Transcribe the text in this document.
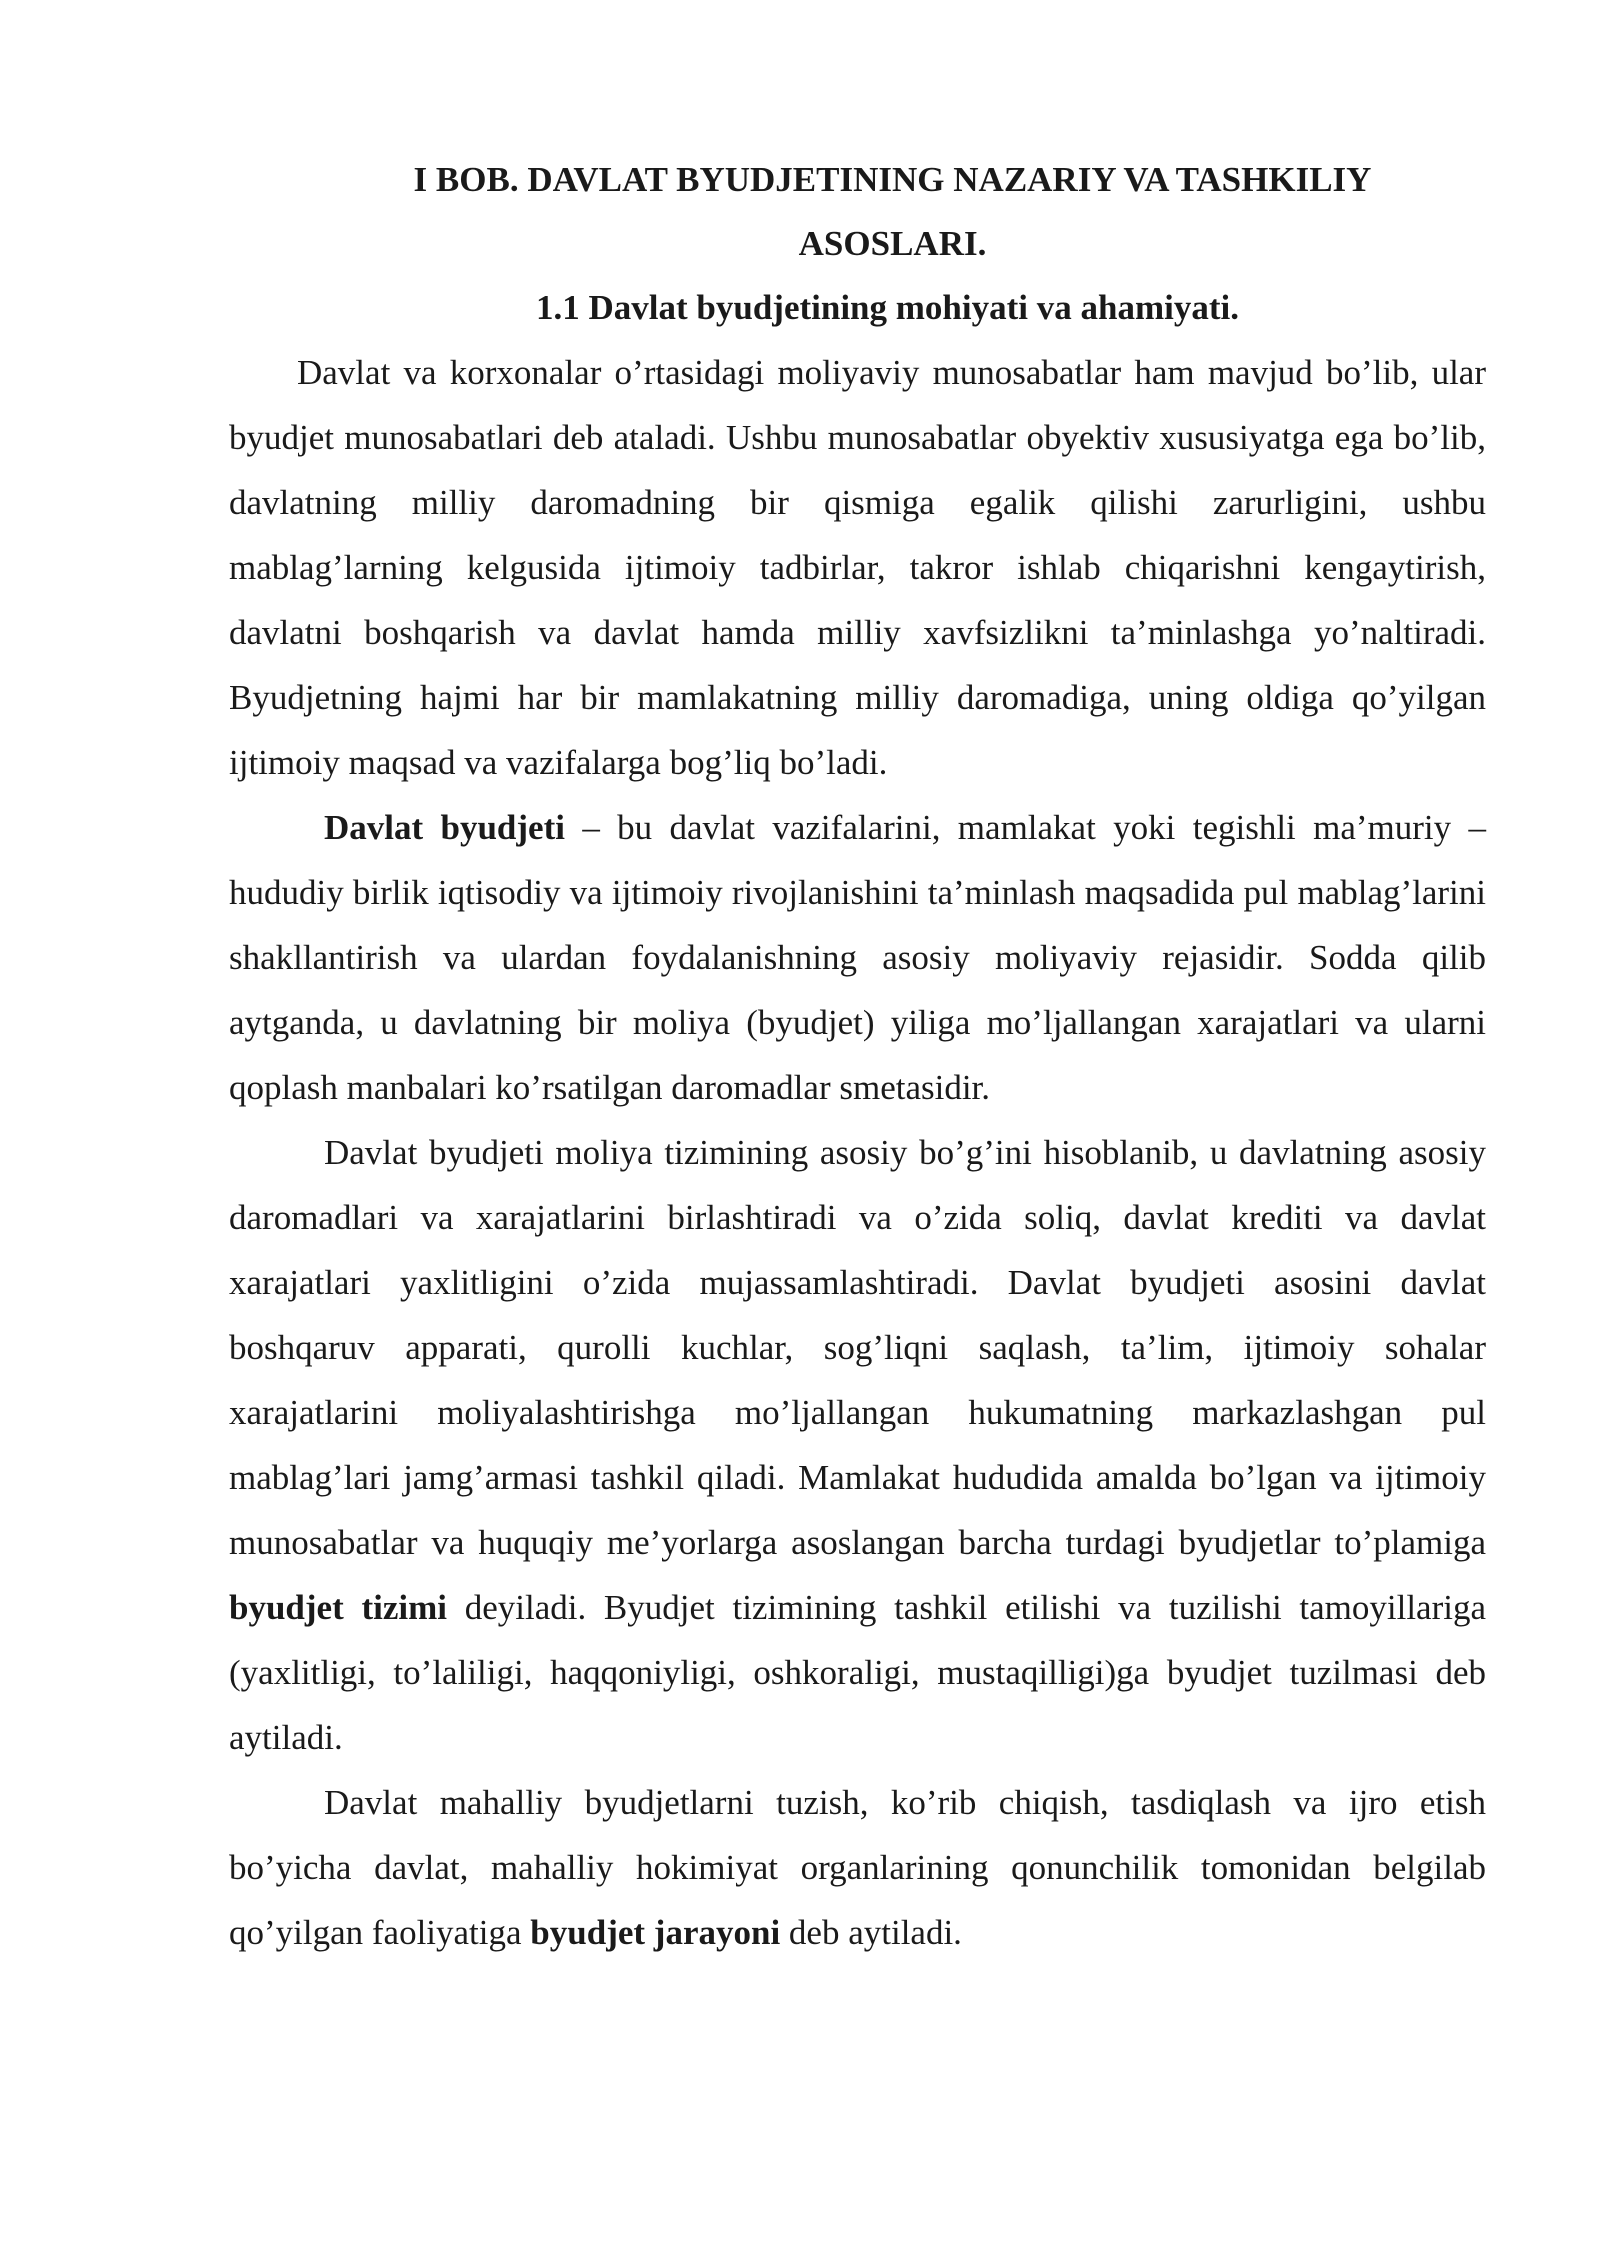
I BOB. DAVLAT BYUDJETINING NAZARIY VA TASHKILIY
ASOSLARI.

1.1 Davlat byudjetining mohiyati va ahamiyati.

Davlat va korxonalar o’rtasidagi moliyaviy munosabatlar ham mavjud bo’lib, ular byudjet munosabatlari deb ataladi. Ushbu munosabatlar obyektiv xususiyatga ega bo’lib, davlatning milliy daromadning bir qismiga egalik qilishi zarurligini, ushbu mablag’larning kelgusida ijtimoiy tadbirlar, takror ishlab chiqarishni kengaytirish, davlatni boshqarish va davlat hamda milliy xavfsizlikni ta’minlashga yo’naltiradi. Byudjetning hajmi har bir mamlakatning milliy daromadiga, uning oldiga qo’yilgan ijtimoiy maqsad va vazifalarga bog’liq bo’ladi.

Davlat byudjeti – bu davlat vazifalarini, mamlakat yoki tegishli ma’muriy – hududiy birlik iqtisodiy va ijtimoiy rivojlanishini ta’minlash maqsadida pul mablag’larini shakllantirish va ulardan foydalanishning asosiy moliyaviy rejasidir. Sodda qilib aytganda, u davlatning bir moliya (byudjet) yiliga mo’ljallangan xarajatlari va ularni qoplash manbalari ko’rsatilgan daromadlar smetasidir.

Davlat byudjeti moliya tizimining asosiy bo’g’ini hisoblanib, u davlatning asosiy daromadlari va xarajatlarini birlashtiradi va o’zida soliq, davlat krediti va davlat xarajatlari yaxlitligini o’zida mujassamlashtiradi. Davlat byudjeti asosini davlat boshqaruv apparati, qurolli kuchlar, sog’liqni saqlash, ta’lim, ijtimoiy sohalar xarajatlarini moliyalashtirishga mo’ljallangan hukumatning markazlashgan pul mablag’lari jamg’armasi tashkil qiladi. Mamlakat hududida amalda bo’lgan va ijtimoiy munosabatlar va huquqiy me’yorlarga asoslangan barcha turdagi byudjetlar to’plamiga byudjet tizimi deyiladi. Byudjet tizimining tashkil etilishi va tuzilishi tamoyillariga (yaxlitligi, to’laliligi, haqqoniyligi, oshkoraligi, mustaqilligi)ga byudjet tuzilmasi deb aytiladi.

Davlat mahalliy byudjetlarni tuzish, ko’rib chiqish, tasdiqlash va ijro etish bo’yicha davlat, mahalliy hokimiyat organlarining qonunchilik tomonidan belgilab qo’yilgan faoliyatiga byudjet jarayoni deb aytiladi.
